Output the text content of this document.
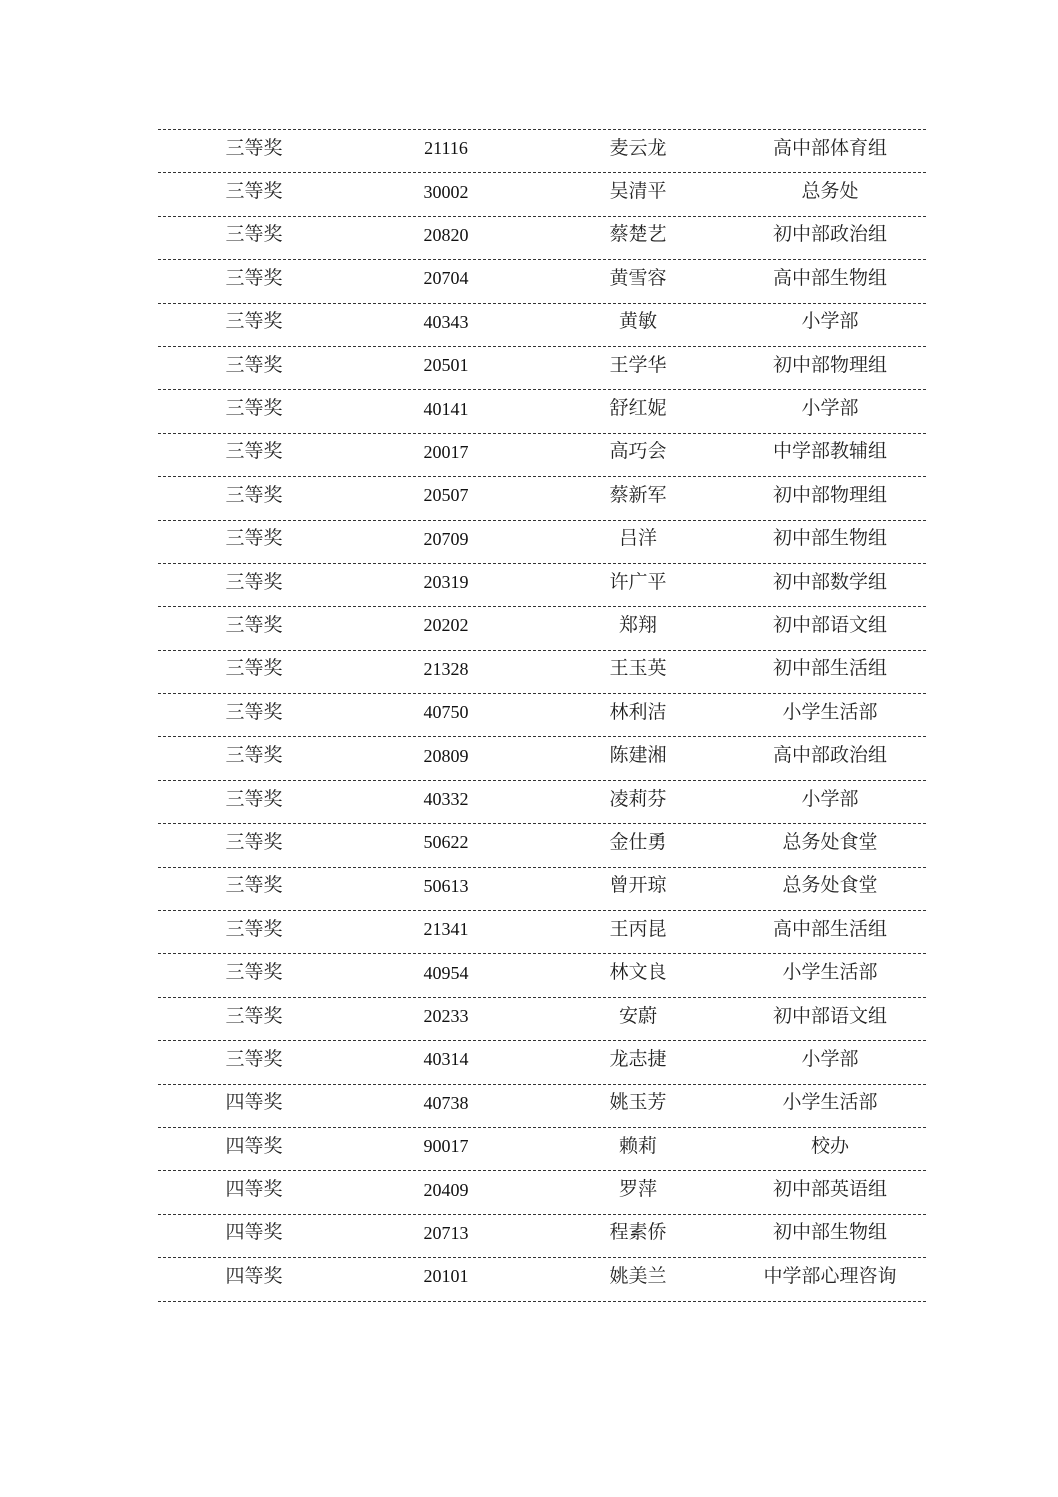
三等奖	21116	麦云龙	高中部体育组
三等奖	30002	吴清平	总务处
三等奖	20820	蔡楚艺	初中部政治组
三等奖	20704	黄雪容	高中部生物组
三等奖	40343	黄敏	小学部
三等奖	20501	王学华	初中部物理组
三等奖	40141	舒红妮	小学部
三等奖	20017	高巧会	中学部教辅组
三等奖	20507	蔡新军	初中部物理组
三等奖	20709	吕洋	初中部生物组
三等奖	20319	许广平	初中部数学组
三等奖	20202	郑翔	初中部语文组
三等奖	21328	王玉英	初中部生活组
三等奖	40750	林利洁	小学生活部
三等奖	20809	陈建湘	高中部政治组
三等奖	40332	凌莉芬	小学部
三等奖	50622	金仕勇	总务处食堂
三等奖	50613	曾开琼	总务处食堂
三等奖	21341	王丙昆	高中部生活组
三等奖	40954	林文良	小学生活部
三等奖	20233	安蔚	初中部语文组
三等奖	40314	龙志捷	小学部
四等奖	40738	姚玉芳	小学生活部
四等奖	90017	赖莉	校办
四等奖	20409	罗萍	初中部英语组
四等奖	20713	程素侨	初中部生物组
四等奖	20101	姚美兰	中学部心理咨询
